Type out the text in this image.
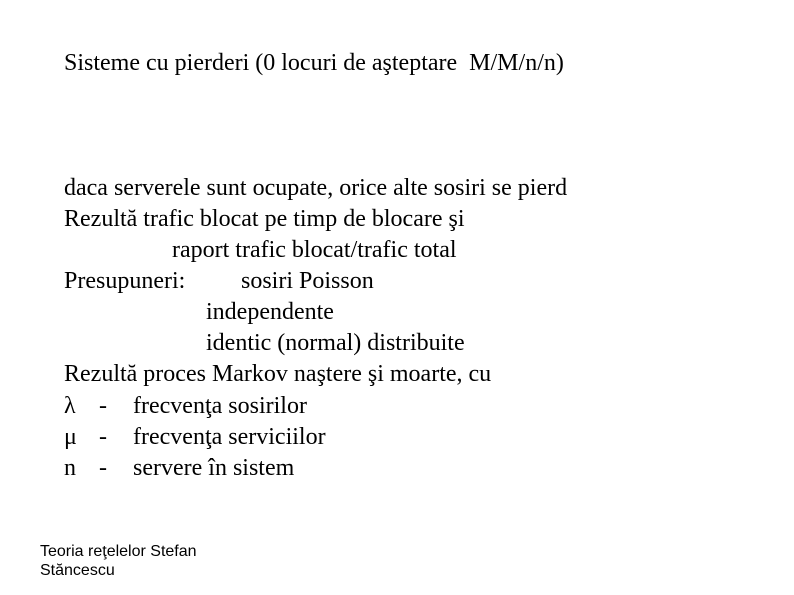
Sisteme cu pierderi (0 locuri de aşteptare  M/M/n/n)
daca serverele sunt ocupate, orice alte sosiri se pierd
Rezultă trafic blocat pe timp de blocare şi
raport trafic blocat/trafic total
Presupuneri: sosiri Poisson
independente
identic (normal) distribuite
Rezultă proces Markov naştere şi moarte, cu
λ - frecvenţa sosirilor
μ - frecvenţa serviciilor
n - servere în sistem
Teoria reţelelor Stefan
Stăncescu
